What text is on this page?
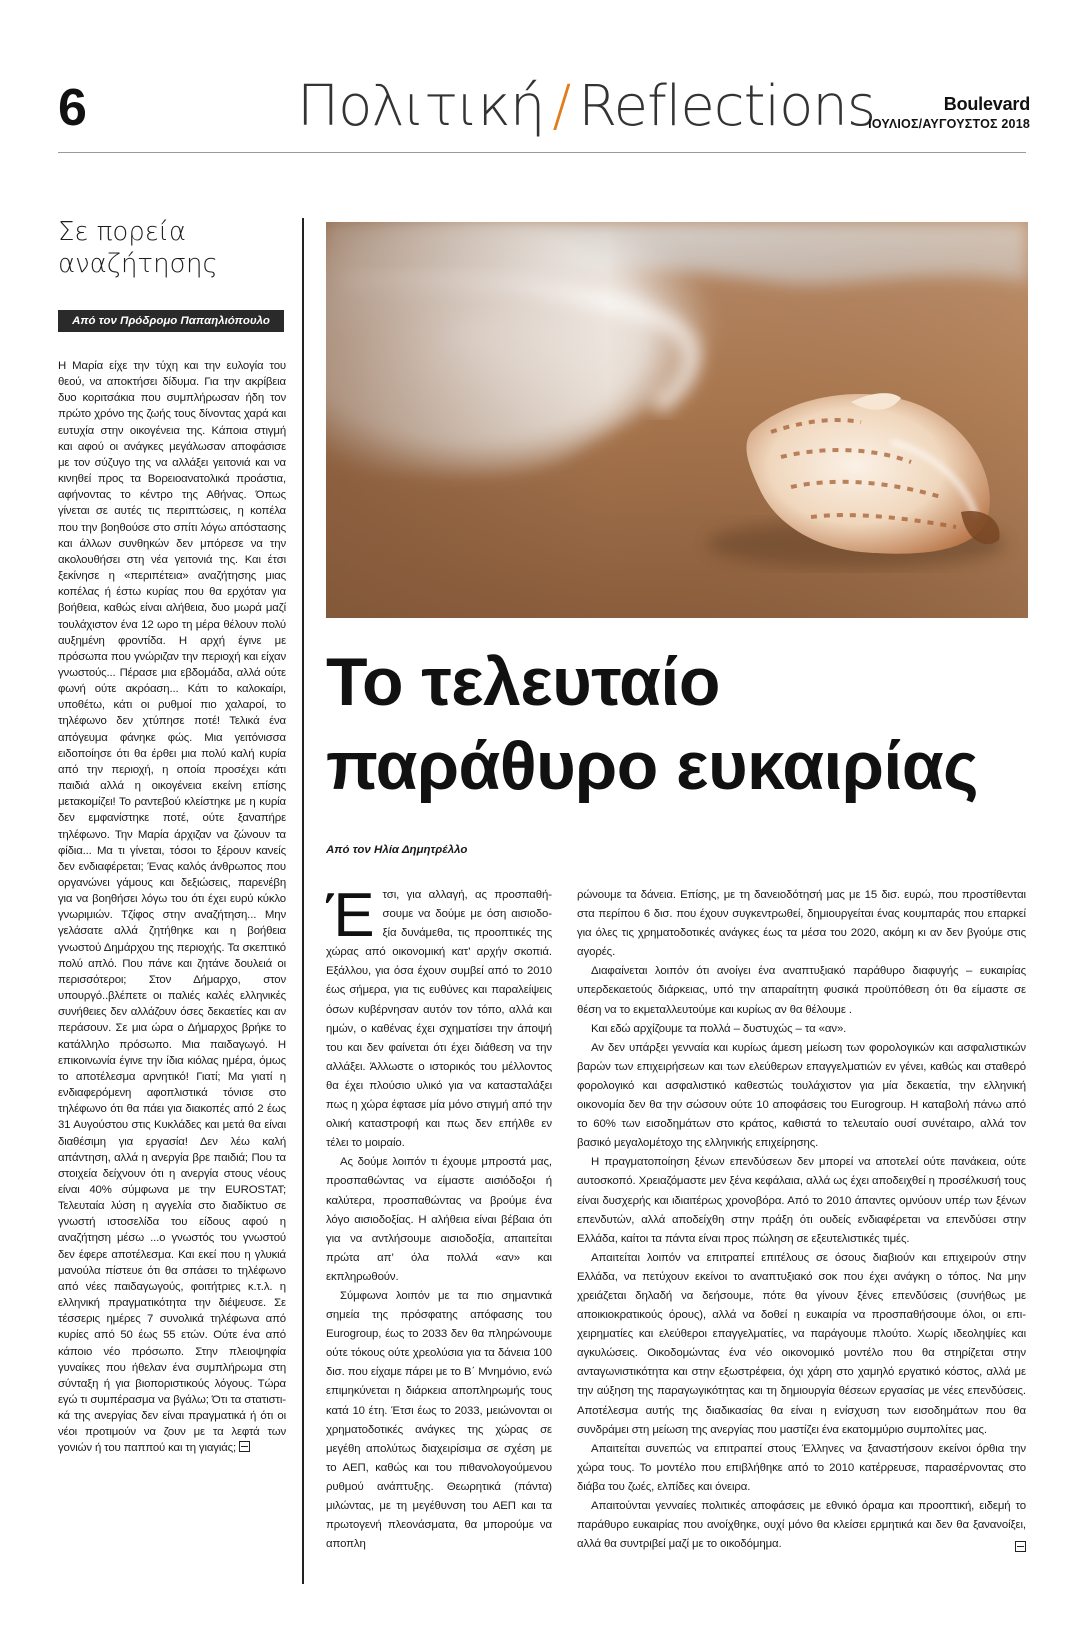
6	Πολιτική / Reflections	Boulevard
ΙΟΥΛΙΟΣ/ΑΥΓΟΥΣΤΟΣ 2018
Σε πορεία αναζήτησης
Από τον Πρόδρομο Παπαηλιόπουλο
Η Μαρία είχε την τύχη και την ευλογία του θεού, να αποκτήσει δίδυμα. Για την ακρίβεια δυο κοριτσάκια που συμπλήρωσαν ήδη τον πρώτο χρόνο της ζωής τους δίνοντας χαρά και ευτυχία στην οικογένεια της. Κάποια στιγμή και αφού οι ανάγκες μεγάλωσαν αποφάσισε με τον σύζυγο της να αλλάξει γειτονιά και να κινηθεί προς τα Βορειοανατολικά προάστια, αφήνοντας το κέντρο της Αθήνας. Όπως γίνεται σε αυτές τις περιπτώσεις, η κοπέλα που την βοηθούσε στο σπίτι λόγω απόστασης και άλλων συνθηκών δεν μπόρεσε να την ακολουθήσει στη νέα γειτονιά της. Και έτσι ξεκίνησε η «περιπέτεια» αναζήτησης μιας κοπέλας ή έστω κυρίας που θα ερχόταν για βοήθεια, καθώς είναι αλήθεια, δυο μωρά μαζί τουλάχιστον ένα 12 ωρο τη μέρα θέλουν πολύ αυξημένη φροντίδα. Η αρχή έγινε με πρόσωπα που γνώριζαν την περιοχή και είχαν γνωστούς... Πέρασε μια εβδομάδα, αλλά ούτε φωνή ούτε ακρόαση... Κάτι το καλοκαίρι, υποθέτω, κάτι οι ρυθμοί πιο χαλαροί, το τηλέφωνο δεν χτύπησε ποτέ! Τελικά ένα απόγευμα φάνηκε φώς. Μια γειτόνισσα ειδοποίησε ότι θα έρθει μια πολύ καλή κυρία από την περιοχή, η οποία προσέχει κάτι παιδιά αλλά η οικογένεια εκείνη επίσης μετακομίζει! Το ραντεβού κλείστηκε με η κυρία δεν εμφανίστηκε ποτέ, ούτε ξαναπήρε τηλέφωνο. Την Μαρία άρχιζαν να ζώνουν τα φίδια... Μα τι γίνεται, τόσοι το ξέρουν κανείς δεν ενδιαφέρεται; Ένας καλός άνθρωπος που οργανώνει γάμους και δεξιώσεις, παρενέβη για να βοηθήσει λόγω του ότι έχει ευρύ κύκλο γνωριμιών. Τζίφος στην αναζήτηση... Μην γελάσατε αλλά ζητήθηκε και η βοήθεια γνωστού Δημάρχου της περιοχής. Τα σκεπτικό πολύ απλό. Που πάνε και ζητάνε δουλειά οι περισσότεροι; Στον Δήμαρχο, στον υπουργό..βλέπετε οι παλιές καλές ελληνικές συνήθειες δεν αλλάζουν όσες δεκαετίες και αν περάσουν. Σε μια ώρα ο Δήμαρχος βρήκε το κατάλληλο πρόσωπο. Μια παιδαγωγό. Η επικοινωνία έγινε την ίδια κιόλας ημέρα, όμως το αποτέλεσμα αρνητικό! Γιατί; Μα γιατί η ενδιαφερόμενη αφοπλιστικά τόνισε στο τηλέφωνο ότι θα πάει για διακοπές από 2 έως 31 Αυγούστου στις Κυκλάδες και μετά θα είναι διαθέσιμη για εργασία! Δεν λέω καλή απάντηση, αλλά η ανεργία βρε παιδιά; Που τα στοιχεία δείχνουν ότι η ανεργία στους νέους είναι 40% σύμφωνα με την EUROSTAT; Τελευταία λύση η αγγελία στο διαδίκτυο σε γνωστή ιστοσελίδα του είδους αφού η αναζήτηση μέσω ...ο γνωστός του γνωστού δεν έφερε αποτέλεσμα. Και εκεί που η γλυκιά μανούλα πίστευε ότι θα σπάσει το τηλέφωνο από νέες παιδαγωγούς, φοιτήτριες κ.τ.λ. η ελληνική πραγματικότητα την διέψευσε. Σε τέσσερις ημέρες 7 συνολικά τηλέφωνα από κυρίες από 50 έως 55 ετών. Ούτε ένα από κάποιο νέο πρόσωπο. Στην πλειοψηφία γυναίκες που ήθελαν ένα συμπλήρωμα στη σύνταξη ή για βιοποριστικούς λόγους. Τώρα εγώ τι συμπέρασμα να βγάλω; Ότι τα στατιστικά της ανεργίας δεν είναι πραγματικά ή ότι οι νέοι προτιμούν να ζουν με τα λεφτά των γονιών ή του παππού και τη γιαγιάς;
Το τελευταίο
παράθυρο ευκαιρίας
Από τον Ηλία Δημητρέλλο

Έτσι, για αλλαγή, ας προσπαθήσουμε να δούμε με όση αισιοδοξία δυνάμεθα, τις προοπτικές της χώρας από οικονομική κατ’ αρχήν σκοπιά. Εξάλλου, για όσα έχουν συμβεί από το 2010 έως σήμερα, για τις ευθύνες και παραλείψεις όσων κυβέρνησαν αυτόν τον τόπο, αλλά και ημών, ο καθένας έχει σχηματίσει την άποψή του και δεν φαίνεται ότι έχει διάθεση να την αλλάξει. Άλλωστε ο ιστορικός του μέλλοντος θα έχει πλούσιο υλικό για να κατασταλάξει πως η χώρα έφτασε μία μόνο στιγμή από την ολική καταστροφή και πως δεν επήλθε εν τέλει το μοιραίο.

Ας δούμε λοιπόν τι έχουμε μπροστά μας, προσπαθώντας να είμαστε αισιόδοξοι ή καλύτερα, προσπαθώντας να βρούμε ένα λόγο αισιοδοξίας. Η αλήθεια είναι βέβαια ότι για να αντλήσουμε αισιοδοξία, απαιτείται πρώτα απ’ όλα πολλά «αν» και εκπληρωθούν.

Σύμφωνα λοιπόν με τα πιο σημαντικά σημεία της πρόσφατης απόφασης του Eurogroup, έως το 2033 δεν θα πληρώνουμε ούτε τόκους ούτε χρεολύσια για τα δάνεια 100 δισ. που είχαμε πάρει με το Β΄ Μνημόνιο, ενώ επιμηκύνεται η διάρκεια αποπληρωμής τους κατά 10 έτη. Έτσι έως το 2033, μειώνονται οι χρηματοδοτικές ανάγκες της χώρας σε μεγέθη απολύτως διαχειρίσιμα σε σχέση με το ΑΕΠ, καθώς και του πιθανολογούμενου ρυθμού ανάπτυξης. Θεωρητικά (πάντα) μιλώντας, με τη μεγέθυνση του ΑΕΠ και τα πρωτογενή πλεονάσματα, θα μπορούμε να αποπλη

ρώνουμε τα δάνεια. Επίσης, με τη δανειοδότησή μας με 15 δισ. ευρώ, που προστίθενται στα περίπου 6 δισ. που έχουν συγκεντρωθεί, δημιουργείται ένας κουμπαράς που επαρκεί για όλες τις χρηματοδοτικές ανάγκες έως τα μέσα του 2020, ακόμη κι αν δεν βγούμε στις αγορές.

Διαφαίνεται λοιπόν ότι ανοίγει ένα αναπτυξιακό παράθυρο διαφυγής – ευκαιρίας υπερδεκαετούς διάρκειας, υπό την απαραίτητη φυσικά προϋπόθεση ότι θα είμαστε σε θέση να το εκμεταλλευτούμε και κυρίως αν θα θέλουμε .

Και εδώ αρχίζουμε τα πολλά – δυστυχώς – τα «αν».

Αν δεν υπάρξει γενναία και κυρίως άμεση μείωση των φορολογικών και ασφαλιστικών βαρών των επιχειρήσεων και των ελεύθερων επαγγελματιών εν γένει, καθώς και σταθερό φορολογικό και ασφαλιστικό καθεστώς τουλάχιστον για μία δεκαετία, την ελληνική οικονομία δεν θα την σώσουν ούτε 10 αποφάσεις του Eurogroup. Η καταβολή πάνω από το 60% των εισοδημάτων στο κράτος, καθιστά το τελευταίο ουσί συνέταιρο, αλλά τον βασικό μεγαλομέτοχο της ελληνικής επιχείρησης.

Η πραγματοποίηση ξένων επενδύσεων δεν μπορεί να αποτελεί ούτε πανάκεια, ούτε αυτοσκοπό. Χρειαζόμαστε μεν ξένα κεφάλαια, αλλά ως έχει αποδειχθεί η προσέλκυσή τους είναι δυσχερής και ιδιαιτέρως χρονοβόρα. Από το 2010 άπαντες ομνύουν υπέρ των ξένων επενδυτών, αλλά αποδείχθη στην πράξη ότι ουδείς ενδιαφέρεται να επενδύσει στην Ελλάδα, καίτοι τα πάντα είναι προς πώληση σε εξευτελιστικές τιμές.

Απαιτείται λοιπόν να επιτραπεί επιτέλους σε όσους διαβιούν και επιχειρούν στην Ελλάδα, να πετύχουν εκείνοι το αναπτυξιακό σοκ που έχει ανάγκη ο τόπος. Να μην χρειάζεται δηλαδή να δεήσουμε, πότε θα γίνουν ξένες επενδύσεις (συνήθως με αποικιοκρατικούς όρους), αλλά να δοθεί η ευκαιρία να προσπαθήσουμε όλοι, οι επιχειρηματίες και ελεύθεροι επαγγελματίες, να παράγουμε πλούτο. Χωρίς ιδεοληψίες και αγκυλώσεις. Οικοδομώντας ένα νέο οικονομικό μοντέλο που θα στηρίζεται στην ανταγωνιστικότητα και στην εξωστρέφεια, όχι χάρη στο χαμηλό εργατικό κόστος, αλλά με την αύξηση της παραγωγικότητας και τη δημιουργία θέσεων εργασίας με νέες επενδύσεις. Αποτέλεσμα αυτής της διαδικασίας θα είναι η ενίσχυση των εισοδημάτων που θα συνδράμει στη μείωση της ανεργίας που μαστίζει ένα εκατομμύριο συμπολίτες μας.

Απαιτείται συνεπώς να επιτραπεί στους Έλληνες να ξαναστήσουν εκείνοι όρθια την χώρα τους. Το μοντέλο που επιβλήθηκε από το 2010 κατέρρευσε, παρασέρνοντας στο διάβα του ζωές, ελπίδες και όνειρα.

Απαιτούνται γενναίες πολιτικές αποφάσεις με εθνικό όραμα και προοπτική, ειδεμή το παράθυρο ευκαιρίας που ανοίχθηκε, ουχί μόνο θα κλείσει ερμητικά και δεν θα ξανανοίξει, αλλά θα συντριβεί μαζί με το οικοδόμημα.
